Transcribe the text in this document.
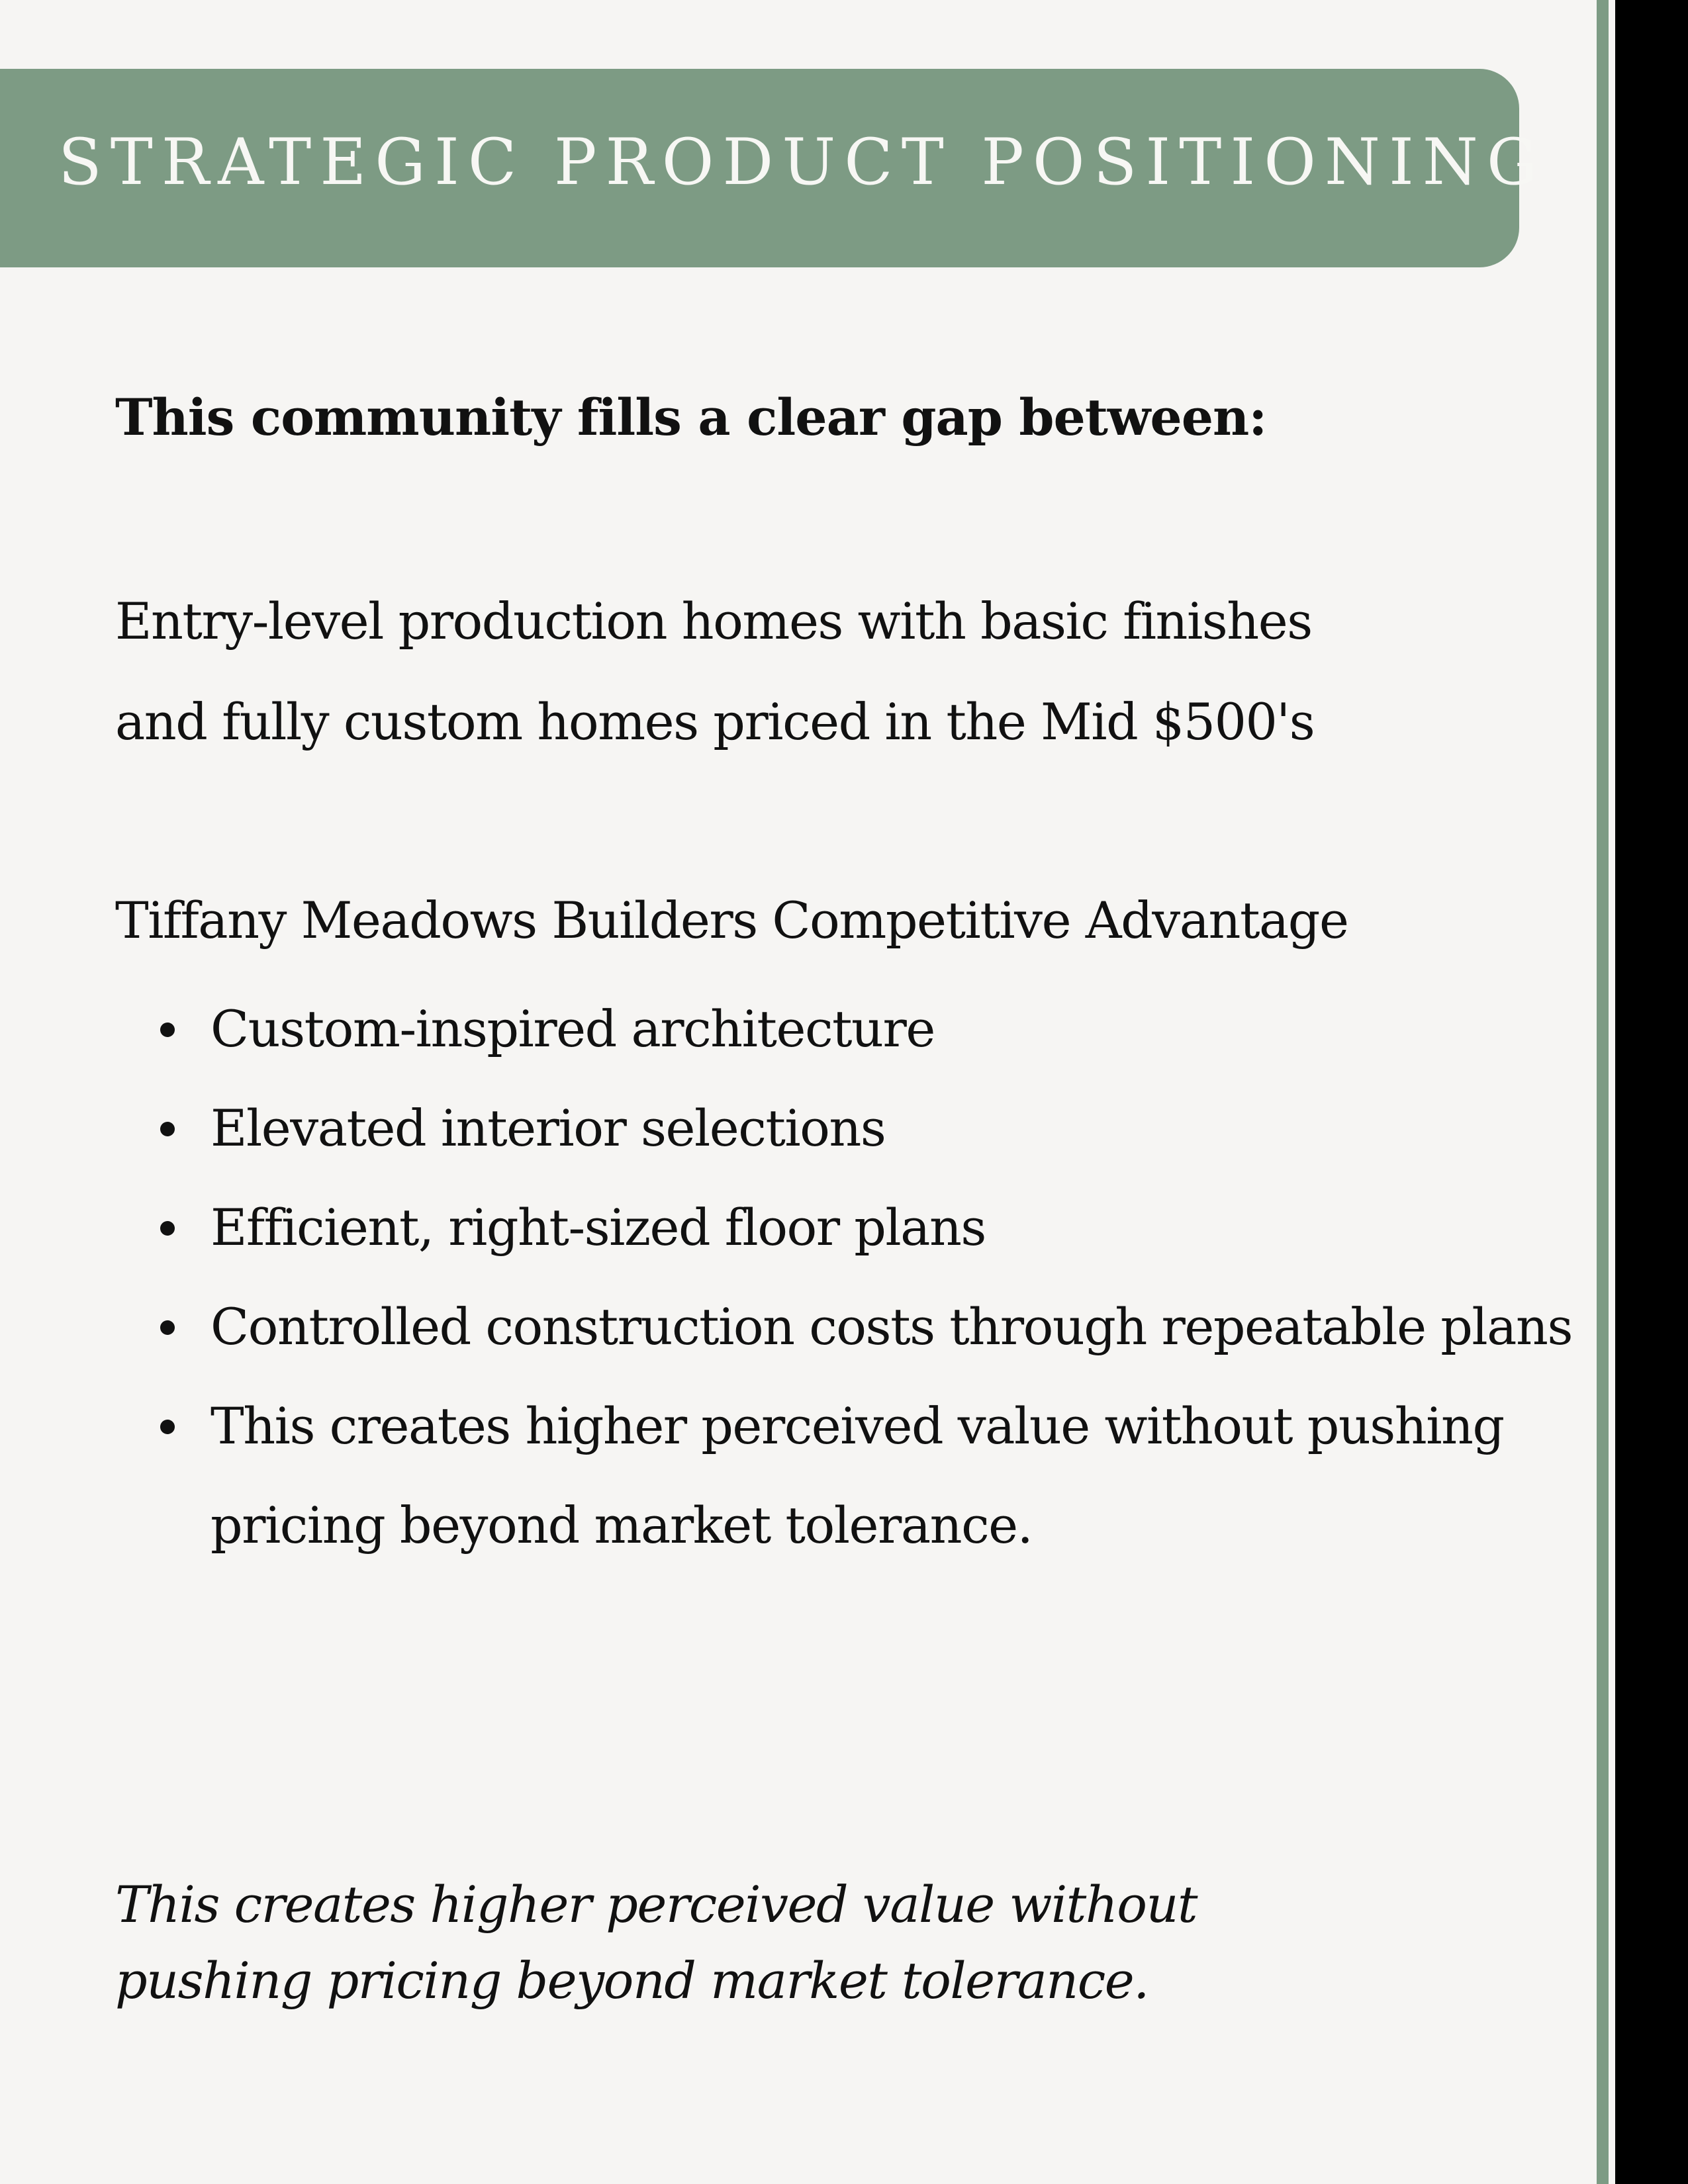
STRATEGIC PRODUCT POSITIONING

This community fills a clear gap between:

Entry-level production homes with basic finishes

and fully custom homes priced in the Mid $500's

Tiffany Meadows Builders Competitive Advantage

Custom-inspired architecture
Elevated interior selections
Efficient, right-sized floor plans
Controlled construction costs through repeatable plans
This creates higher perceived value without pushing pricing beyond market tolerance.

This creates higher perceived value without pushing pricing beyond market tolerance.
